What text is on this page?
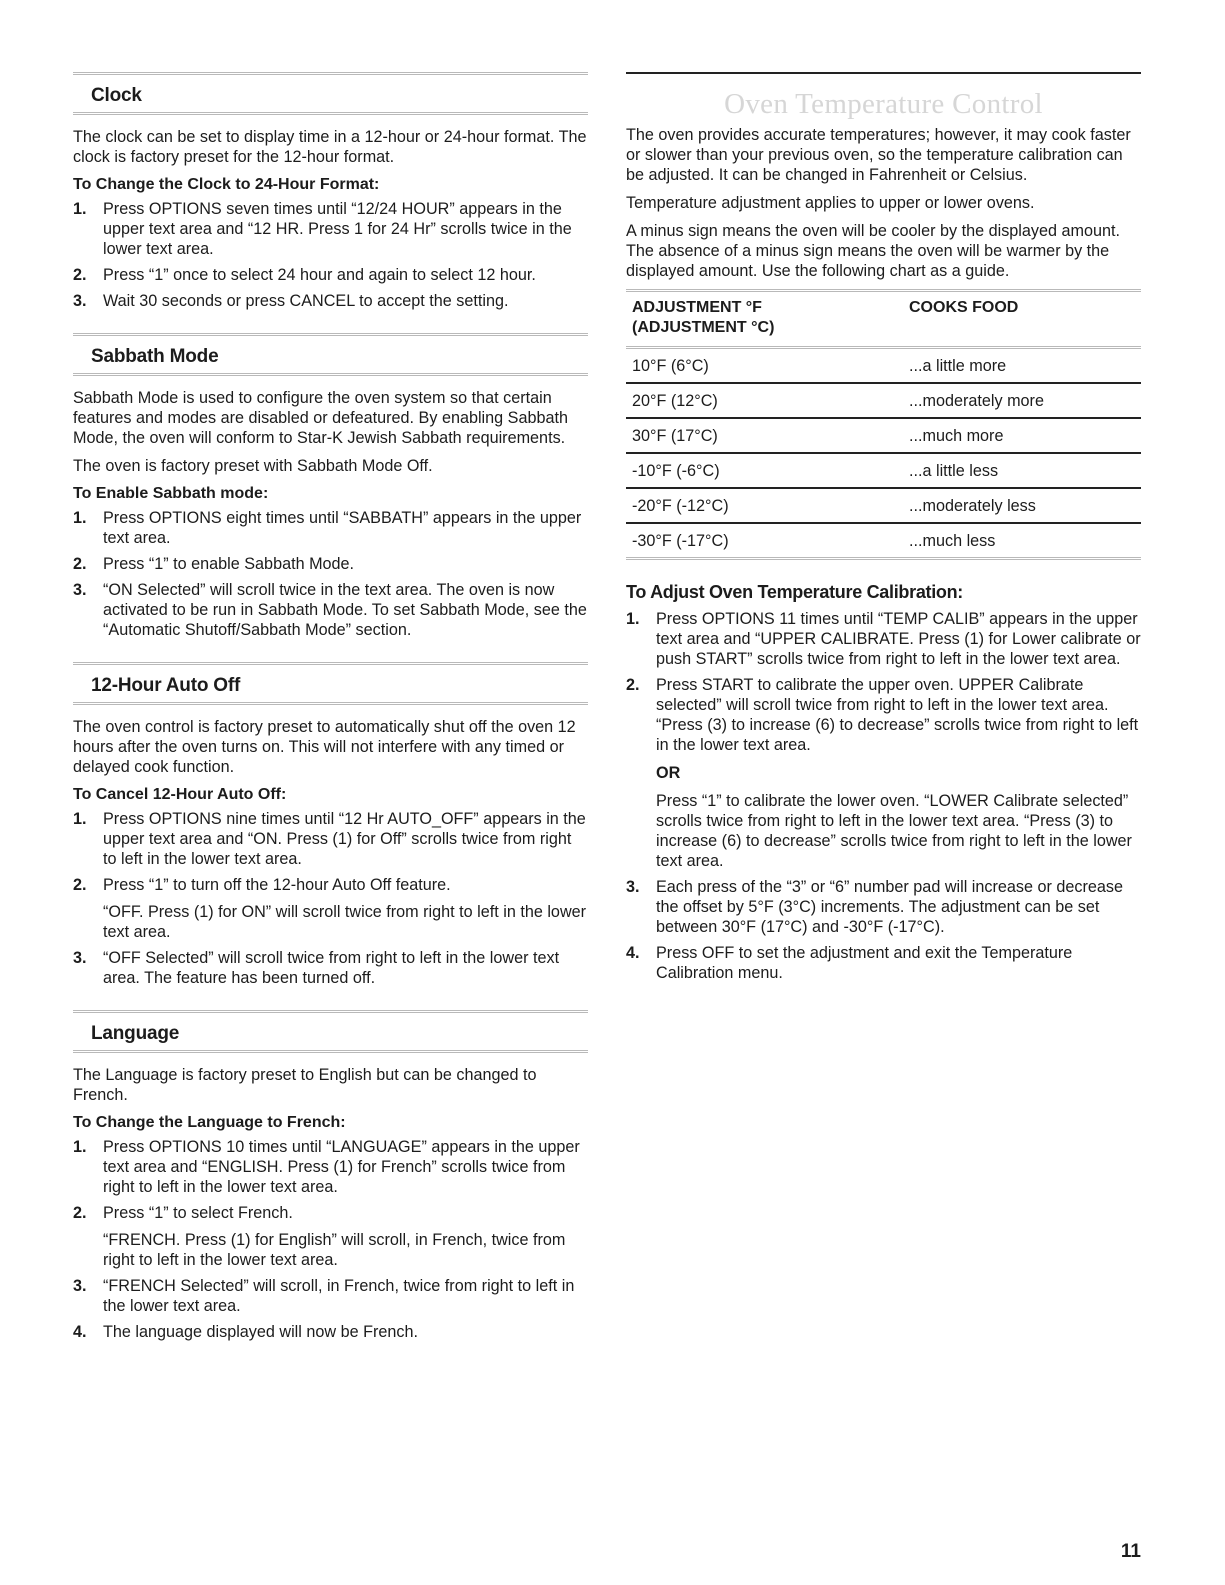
Clock

The clock can be set to display time in a 12-hour or 24-hour format. The clock is factory preset for the 12-hour format.

To Change the Clock to 24-Hour Format:
1. Press OPTIONS seven times until “12/24 HOUR” appears in the upper text area and “12 HR. Press 1 for 24 Hr” scrolls twice in the lower text area.
2. Press “1” once to select 24 hour and again to select 12 hour.
3. Wait 30 seconds or press CANCEL to accept the setting.
Sabbath Mode

Sabbath Mode is used to configure the oven system so that certain features and modes are disabled or defeatured. By enabling Sabbath Mode, the oven will conform to Star-K Jewish Sabbath requirements.

The oven is factory preset with Sabbath Mode Off.

To Enable Sabbath mode:
1. Press OPTIONS eight times until “SABBATH” appears in the upper text area.
2. Press “1” to enable Sabbath Mode.
3. “ON Selected” will scroll twice in the text area. The oven is now activated to be run in Sabbath Mode. To set Sabbath Mode, see the “Automatic Shutoff/Sabbath Mode” section.
12-Hour Auto Off

The oven control is factory preset to automatically shut off the oven 12 hours after the oven turns on. This will not interfere with any timed or delayed cook function.

To Cancel 12-Hour Auto Off:
1. Press OPTIONS nine times until “12 Hr AUTO_OFF” appears in the upper text area and “ON. Press (1) for Off” scrolls twice from right to left in the lower text area.
2. Press “1” to turn off the 12-hour Auto Off feature.
“OFF. Press (1) for ON” will scroll twice from right to left in the lower text area.
3. “OFF Selected” will scroll twice from right to left in the lower text area. The feature has been turned off.
Language

The Language is factory preset to English but can be changed to French.

To Change the Language to French:
1. Press OPTIONS 10 times until “LANGUAGE” appears in the upper text area and “ENGLISH. Press (1) for French” scrolls twice from right to left in the lower text area.
2. Press “1” to select French.
“FRENCH. Press (1) for English” will scroll, in French, twice from right to left in the lower text area.
3. “FRENCH Selected” will scroll, in French, twice from right to left in the lower text area.
4. The language displayed will now be French.
Oven Temperature Control

The oven provides accurate temperatures; however, it may cook faster or slower than your previous oven, so the temperature calibration can be adjusted. It can be changed in Fahrenheit or Celsius.

Temperature adjustment applies to upper or lower ovens.

A minus sign means the oven will be cooler by the displayed amount. The absence of a minus sign means the oven will be warmer by the displayed amount. Use the following chart as a guide.

ADJUSTMENT °F
(ADJUSTMENT °C)	COOKS FOOD
10°F (6°C)	...a little more
20°F (12°C)	...moderately more
30°F (17°C)	...much more
-10°F (-6°C)	...a little less
-20°F (-12°C)	...moderately less
-30°F (-17°C)	...much less
To Adjust Oven Temperature Calibration:
1. Press OPTIONS 11 times until “TEMP CALIB” appears in the upper text area and “UPPER CALIBRATE. Press (1) for Lower calibrate or push START” scrolls twice from right to left in the lower text area.
2. Press START to calibrate the upper oven. UPPER Calibrate selected” will scroll twice from right to left in the lower text area. “Press (3) to increase (6) to decrease” scrolls twice from right to left in the lower text area.
OR
Press “1” to calibrate the lower oven. “LOWER Calibrate selected” scrolls twice from right to left in the lower text area. “Press (3) to increase (6) to decrease” scrolls twice from right to left in the lower text area.
3. Each press of the “3” or “6” number pad will increase or decrease the offset by 5°F (3°C) increments. The adjustment can be set between 30°F (17°C) and -30°F (-17°C).
4. Press OFF to set the adjustment and exit the Temperature Calibration menu.
11
